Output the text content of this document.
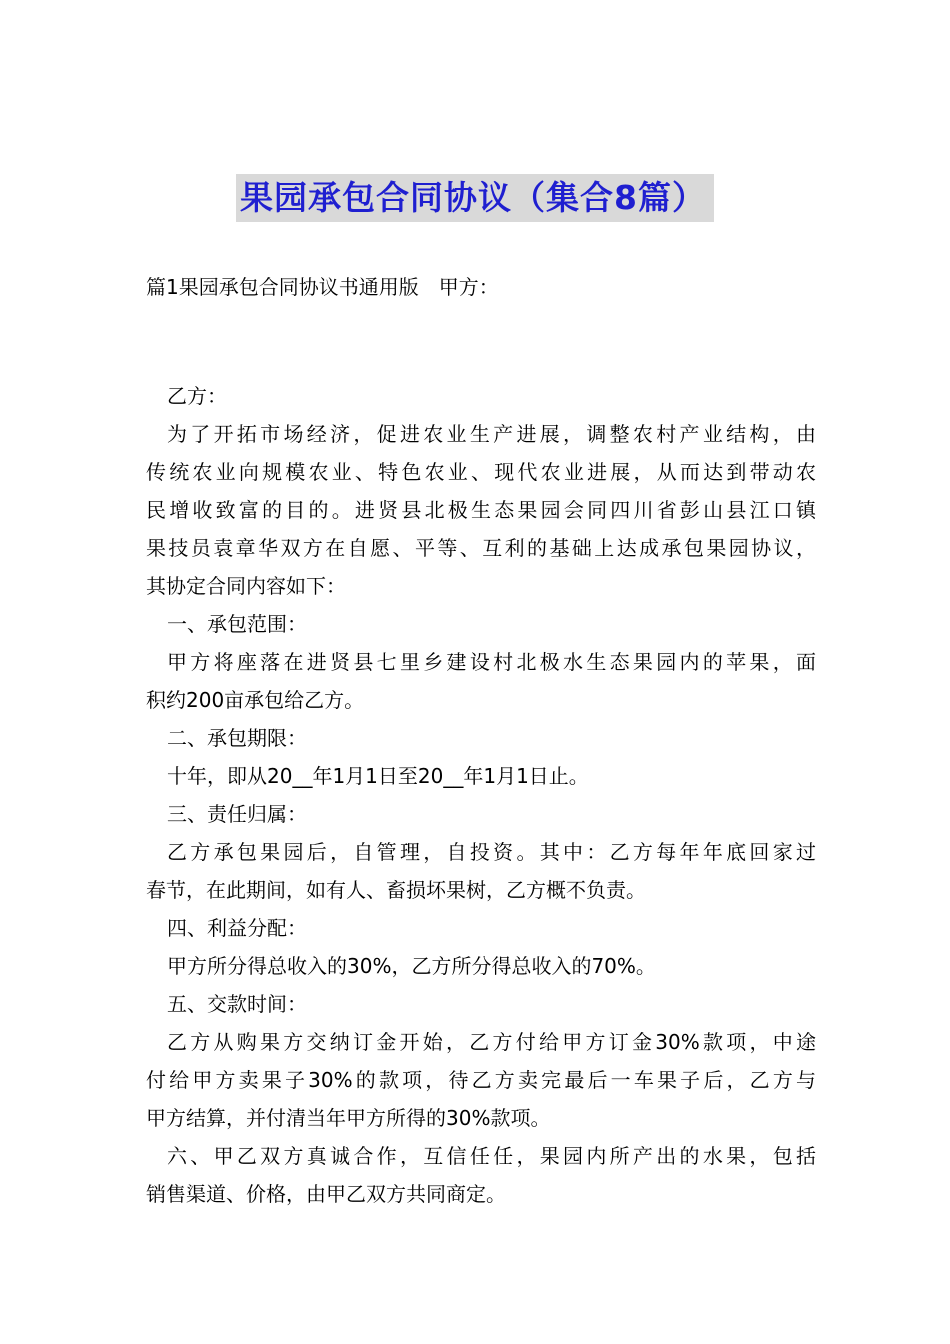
果园承包合同协议（集合8篇）

篇1果园承包合同协议书通用版　甲方：

乙方：

为了开拓市场经济，促进农业生产进展，调整农村产业结构，由
传统农业向规模农业、特色农业、现代农业进展，从而达到带动农
民增收致富的目的。进贤县北极生态果园会同四川省彭山县江口镇
果技员袁章华双方在自愿、平等、互利的基础上达成承包果园协议，
其协定合同内容如下：

一、承包范围：

甲方将座落在进贤县七里乡建设村北极水生态果园内的苹果，面
积约200亩承包给乙方。

二、承包期限：

十年，即从20__年1月1日至20__年1月1日止。

三、责任归属：

乙方承包果园后，自管理，自投资。其中：乙方每年年底回家过
春节，在此期间，如有人、畜损坏果树，乙方概不负责。

四、利益分配：

甲方所分得总收入的30%，乙方所分得总收入的70%。

五、交款时间：

乙方从购果方交纳订金开始，乙方付给甲方订金30%款项，中途
付给甲方卖果子30%的款项，待乙方卖完最后一车果子后，乙方与
甲方结算，并付清当年甲方所得的30%款项。

六、甲乙双方真诚合作，互信任任，果园内所产出的水果，包括
销售渠道、价格，由甲乙双方共同商定。
